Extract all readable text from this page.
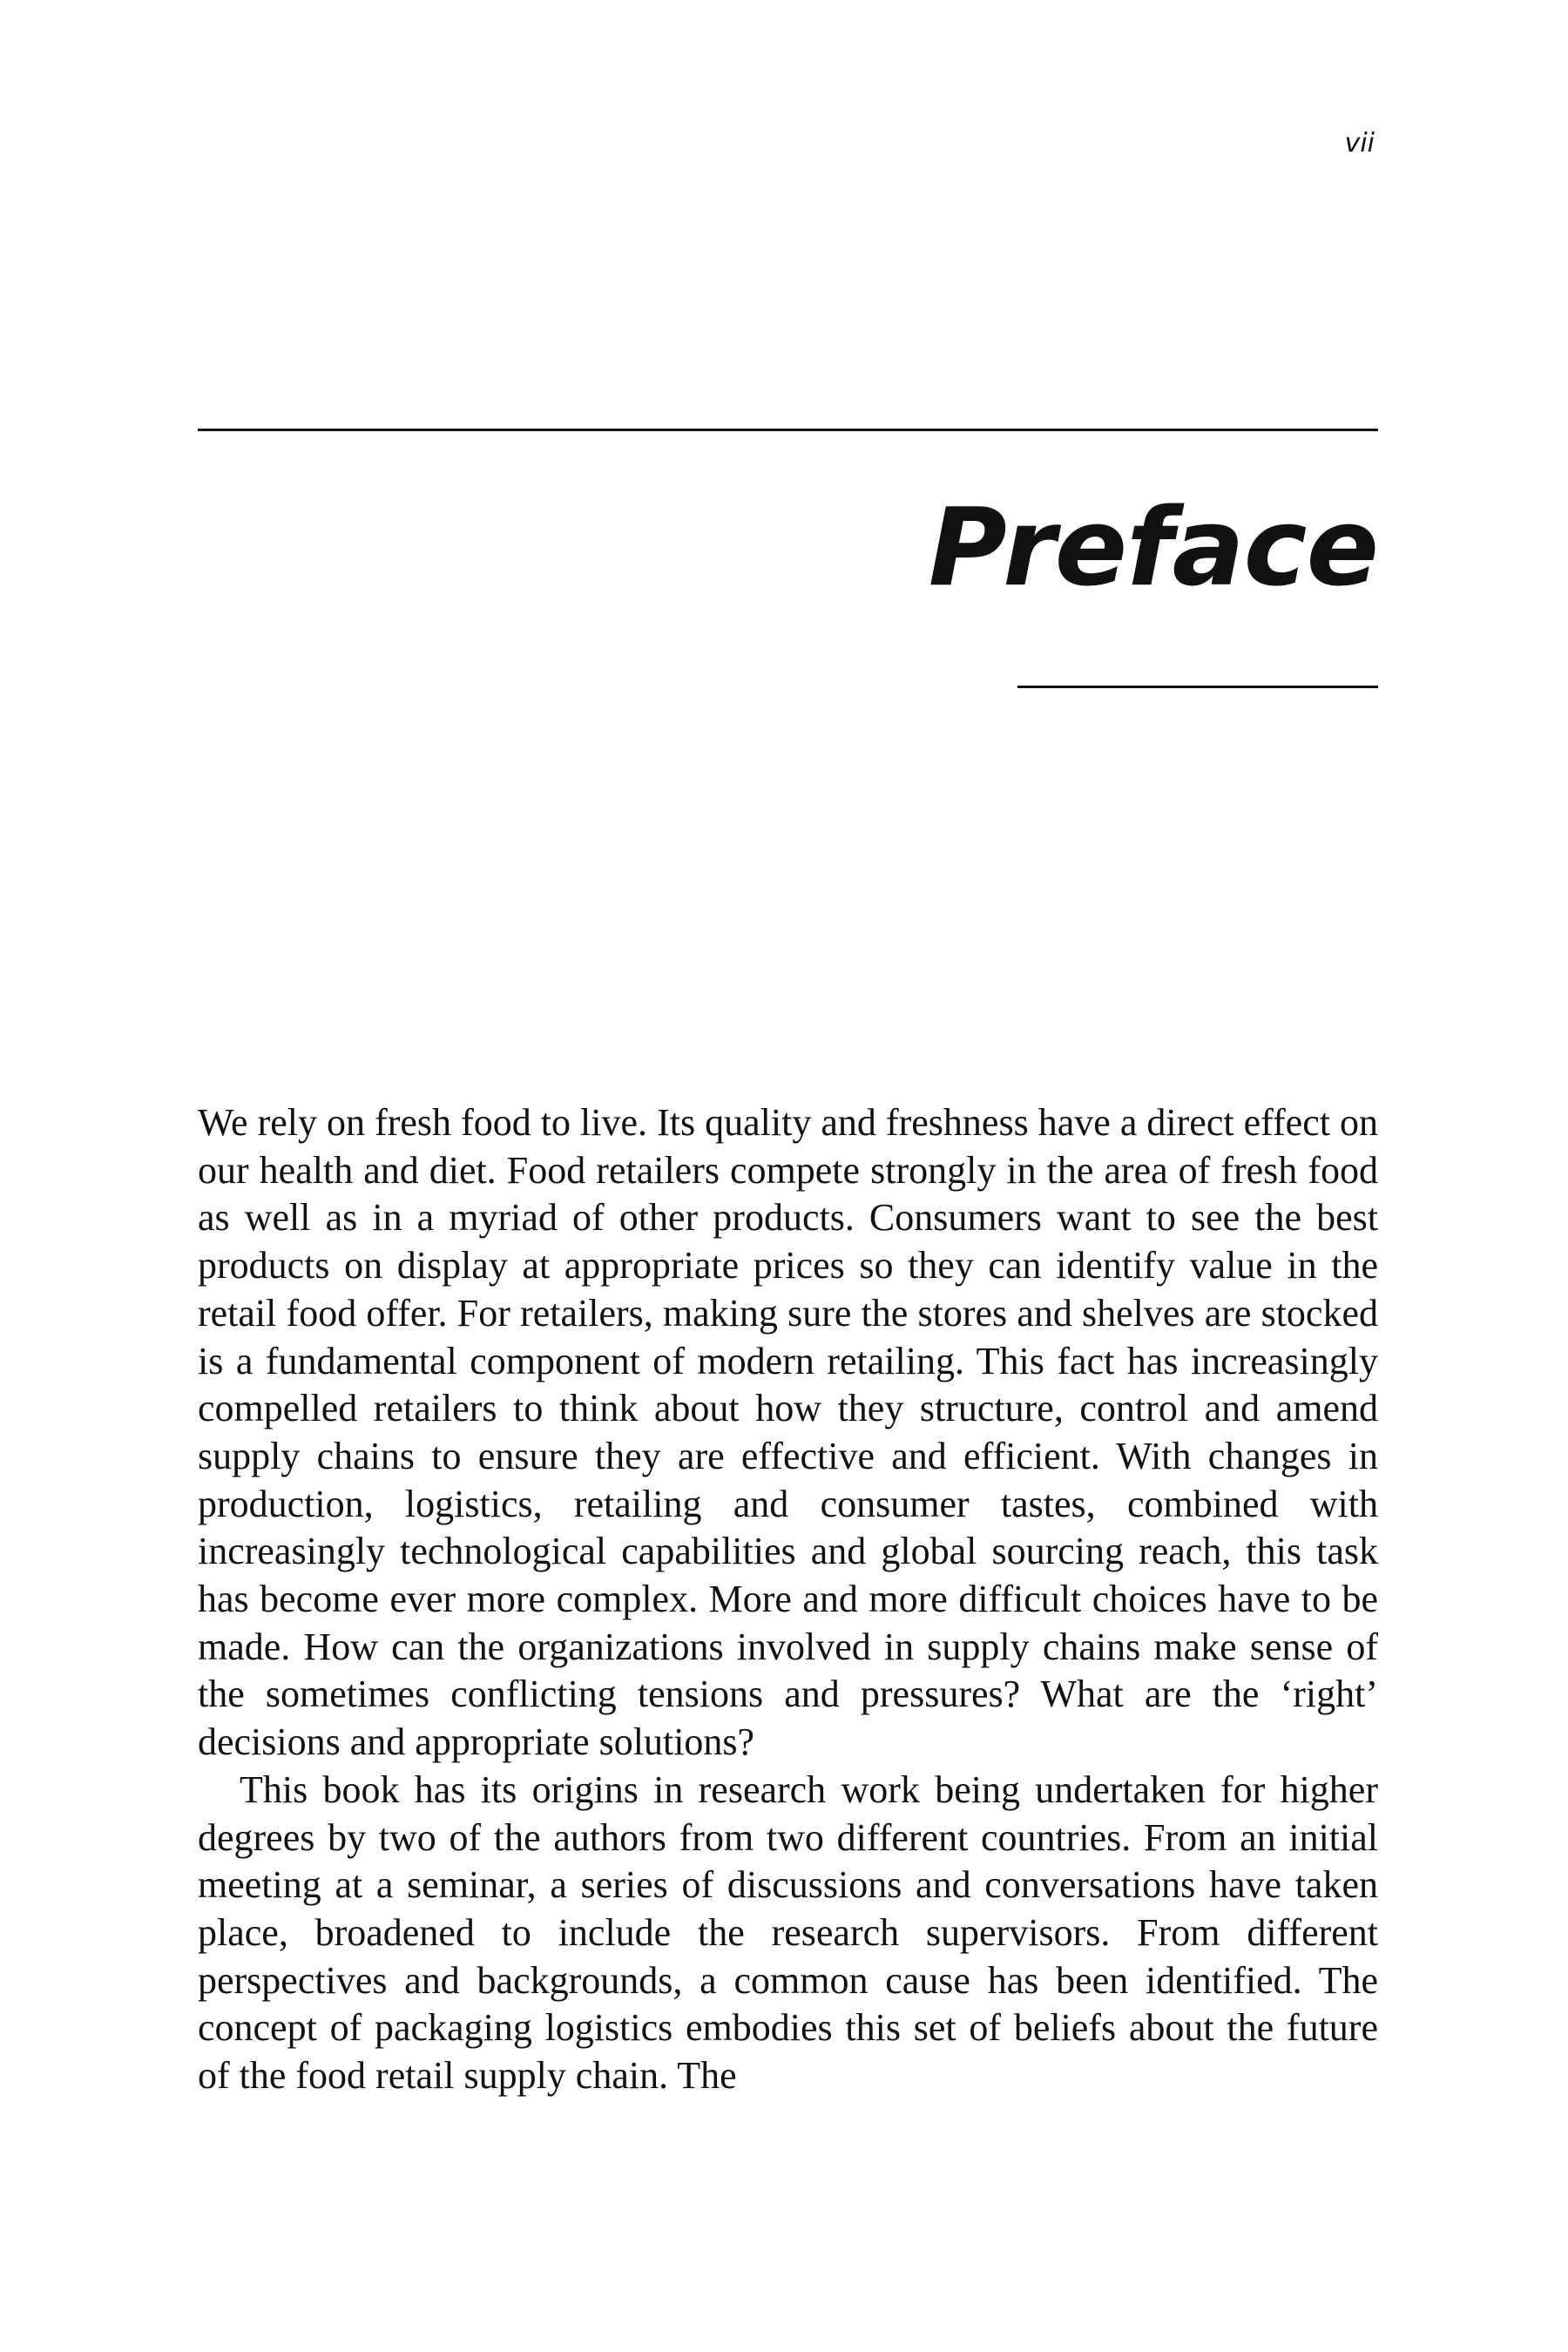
vii
Preface

We rely on fresh food to live. Its quality and freshness have a direct effect on our health and diet. Food retailers compete strongly in the area of fresh food as well as in a myriad of other products. Consumers want to see the best products on display at appropriate prices so they can identify value in the retail food offer. For retailers, making sure the stores and shelves are stocked is a fundamental component of modern retailing. This fact has increasingly compelled retailers to think about how they structure, control and amend supply chains to ensure they are effective and efficient. With changes in production, logistics, retailing and consumer tastes, combined with increasingly technological capabilities and global sourcing reach, this task has become ever more complex. More and more difficult choices have to be made. How can the organizations involved in supply chains make sense of the sometimes conflicting tensions and pressures? What are the ‘right’ decisions and appropriate solutions?

This book has its origins in research work being undertaken for higher degrees by two of the authors from two different countries. From an initial meeting at a seminar, a series of discussions and conversations have taken place, broadened to include the research supervisors. From different perspectives and backgrounds, a common cause has been identified. The concept of packaging logistics embodies this set of beliefs about the future of the food retail supply chain. The
